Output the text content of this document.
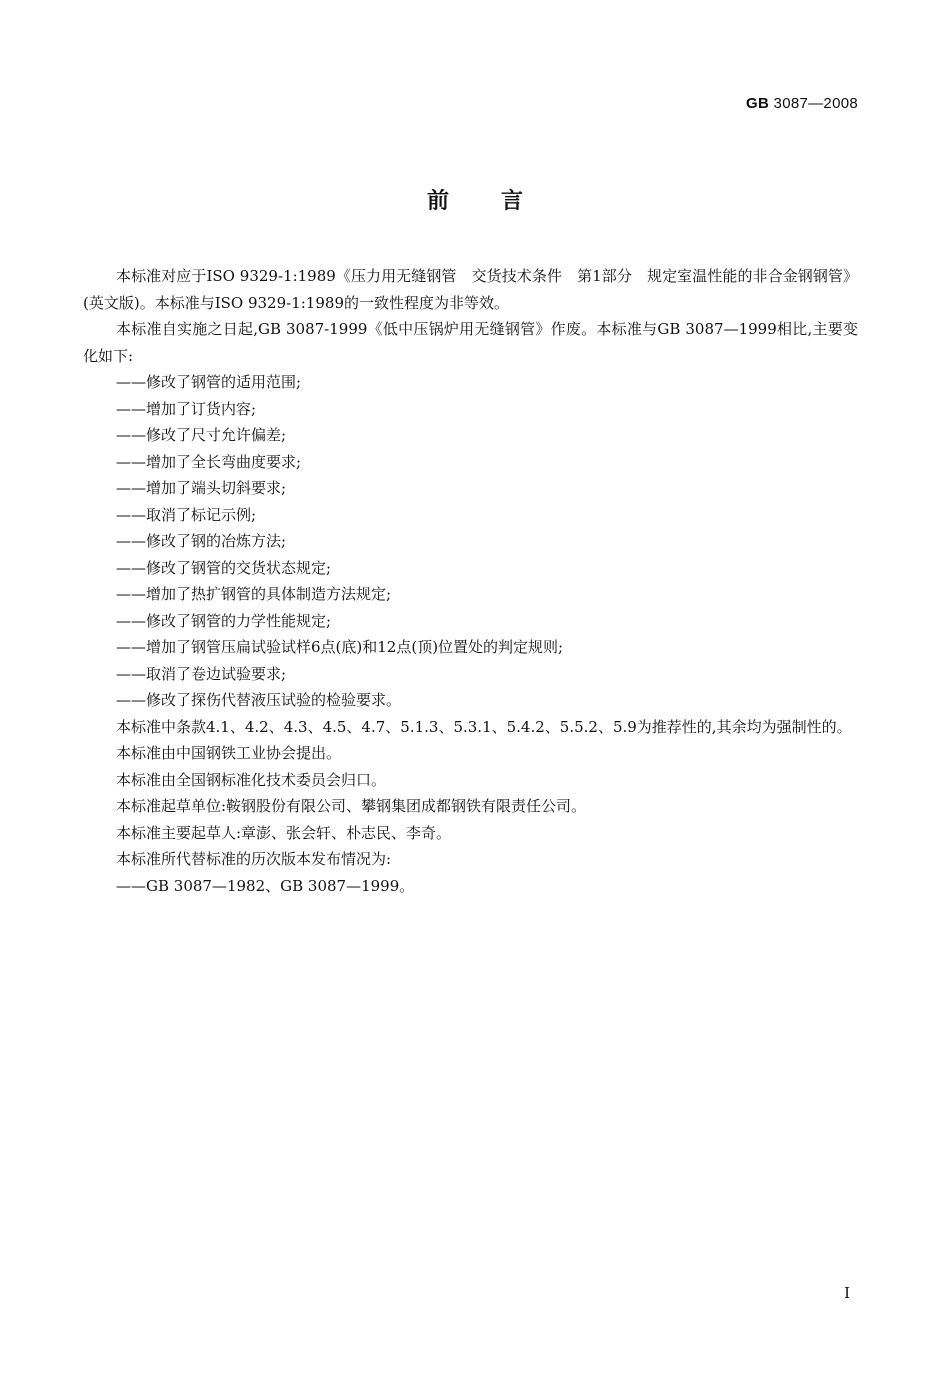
GB 3087—2008
前言

本标准对应于ISO 9329-1:1989《压力用无缝钢管　交货技术条件　第1部分　规定室温性能的非合金钢钢管》(英文版)。本标准与ISO 9329-1:1989的一致性程度为非等效。

本标准自实施之日起,GB 3087-1999《低中压锅炉用无缝钢管》作废。本标准与GB 3087—1999相比,主要变化如下:

——修改了钢管的适用范围;

——增加了订货内容;

——修改了尺寸允许偏差;

——增加了全长弯曲度要求;

——增加了端头切斜要求;

——取消了标记示例;

——修改了钢的冶炼方法;

——修改了钢管的交货状态规定;

——增加了热扩钢管的具体制造方法规定;

——修改了钢管的力学性能规定;

——增加了钢管压扁试验试样6点(底)和12点(顶)位置处的判定规则;

——取消了卷边试验要求;

——修改了探伤代替液压试验的检验要求。

本标准中条款4.1、4.2、4.3、4.5、4.7、5.1.3、5.3.1、5.4.2、5.5.2、5.9为推荐性的,其余均为强制性的。

本标准由中国钢铁工业协会提出。

本标准由全国钢标准化技术委员会归口。

本标准起草单位:鞍钢股份有限公司、攀钢集团成都钢铁有限责任公司。

本标准主要起草人:章澎、张会轩、朴志民、李奇。

本标准所代替标准的历次版本发布情况为:

——GB 3087—1982、GB 3087—1999。

I
